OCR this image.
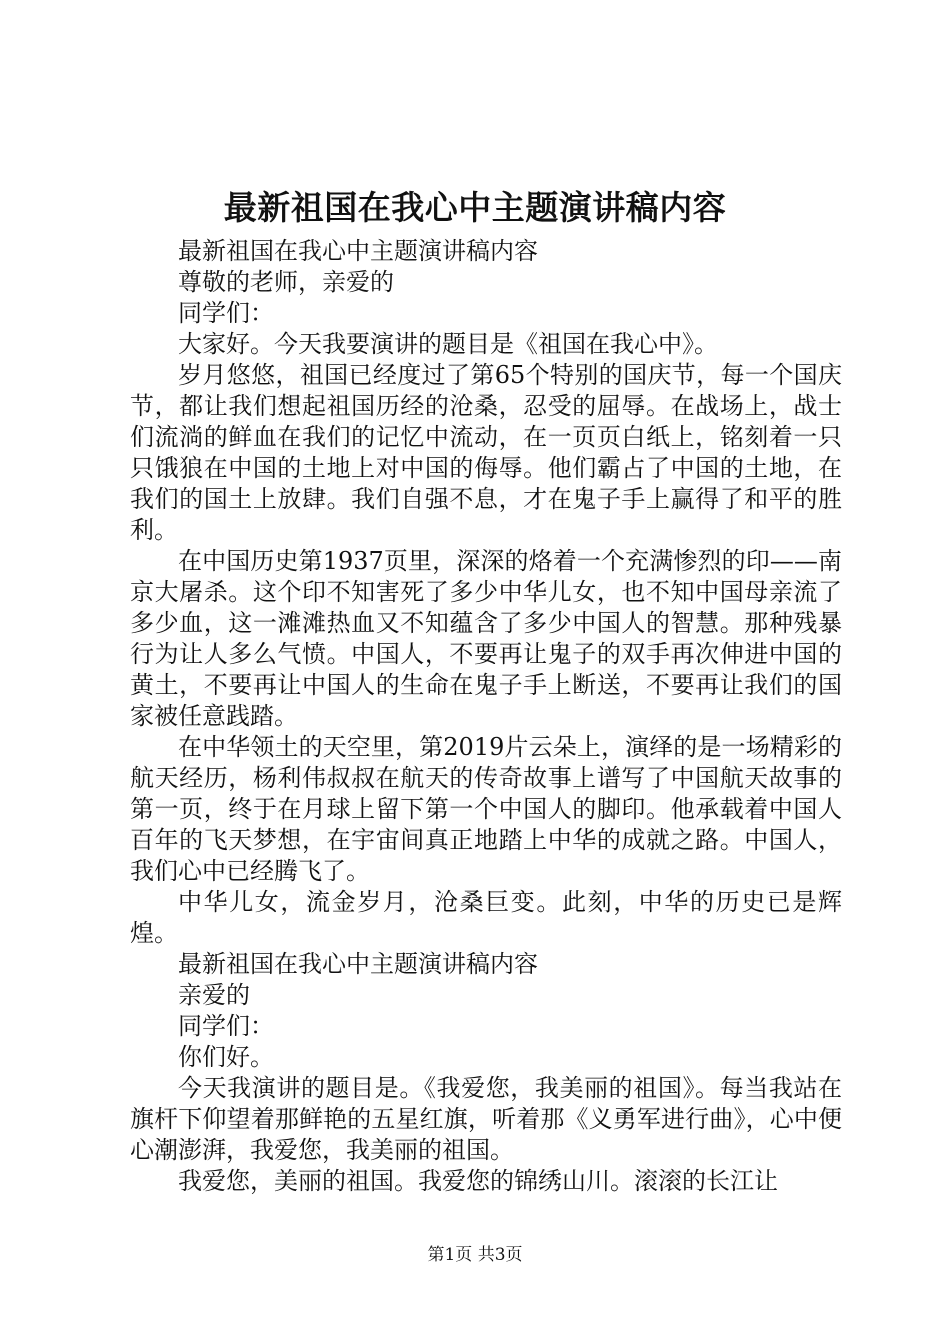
最新祖国在我心中主题演讲稿内容

最新祖国在我心中主题演讲稿内容

尊敬的老师，亲爱的

同学们：

大家好。今天我要演讲的题目是《祖国在我心中》。

岁月悠悠，祖国已经度过了第65个特别的国庆节，每一个国庆节，都让我们想起祖国历经的沧桑，忍受的屈辱。在战场上，战士们流淌的鲜血在我们的记忆中流动，在一页页白纸上，铭刻着一只只饿狼在中国的土地上对中国的侮辱。他们霸占了中国的土地，在我们的国土上放肆。我们自强不息，才在鬼子手上赢得了和平的胜利。

在中国历史第1937页里，深深的烙着一个充满惨烈的印——南京大屠杀。这个印不知害死了多少中华儿女，也不知中国母亲流了多少血，这一滩滩热血又不知蕴含了多少中国人的智慧。那种残暴行为让人多么气愤。中国人，不要再让鬼子的双手再次伸进中国的黄土，不要再让中国人的生命在鬼子手上断送，不要再让我们的国家被任意践踏。

在中华领土的天空里，第2019片云朵上，演绎的是一场精彩的航天经历，杨利伟叔叔在航天的传奇故事上谱写了中国航天故事的第一页，终于在月球上留下第一个中国人的脚印。他承载着中国人百年的飞天梦想，在宇宙间真正地踏上中华的成就之路。中国人，我们心中已经腾飞了。

中华儿女，流金岁月，沧桑巨变。此刻，中华的历史已是辉煌。

最新祖国在我心中主题演讲稿内容

亲爱的

同学们：

你们好。

今天我演讲的题目是。《我爱您，我美丽的祖国》。每当我站在旗杆下仰望着那鲜艳的五星红旗，听着那《义勇军进行曲》，心中便心潮澎湃，我爱您，我美丽的祖国。

我爱您，美丽的祖国。我爱您的锦绣山川。滚滚的长江让

第1页 共3页
